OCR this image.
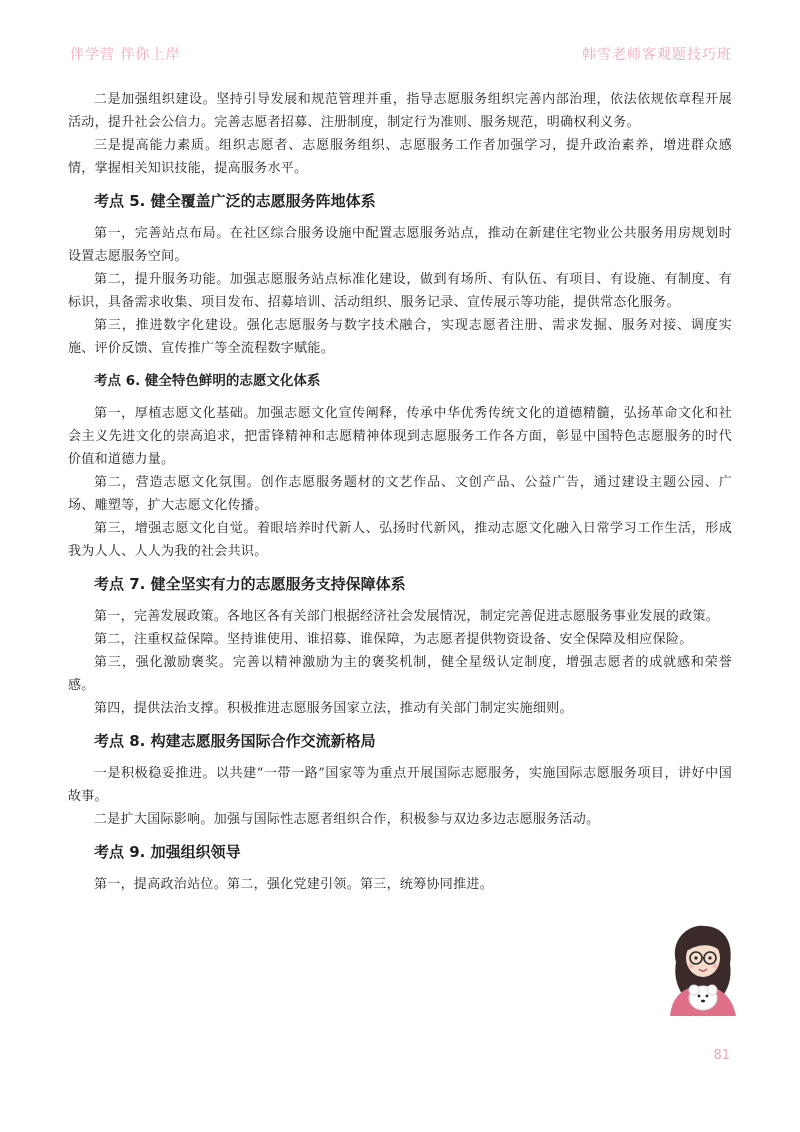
伴学营 伴你上岸	韩雪老师客观题技巧班

二是加强组织建设。坚持引导发展和规范管理并重，指导志愿服务组织完善内部治理，依法依规依章程开展活动，提升社会公信力。完善志愿者招募、注册制度，制定行为准则、服务规范，明确权利义务。

三是提高能力素质。组织志愿者、志愿服务组织、志愿服务工作者加强学习，提升政治素养，增进群众感情，掌握相关知识技能，提高服务水平。

考点 5. 健全覆盖广泛的志愿服务阵地体系

第一，完善站点布局。在社区综合服务设施中配置志愿服务站点，推动在新建住宅物业公共服务用房规划时设置志愿服务空间。

第二，提升服务功能。加强志愿服务站点标准化建设，做到有场所、有队伍、有项目、有设施、有制度、有标识，具备需求收集、项目发布、招募培训、活动组织、服务记录、宣传展示等功能，提供常态化服务。

第三，推进数字化建设。强化志愿服务与数字技术融合，实现志愿者注册、需求发掘、服务对接、调度实施、评价反馈、宣传推广等全流程数字赋能。

考点 6. 健全特色鲜明的志愿文化体系

第一，厚植志愿文化基础。加强志愿文化宣传阐释，传承中华优秀传统文化的道德精髓，弘扬革命文化和社会主义先进文化的崇高追求，把雷锋精神和志愿精神体现到志愿服务工作各方面，彰显中国特色志愿服务的时代价值和道德力量。

第二，营造志愿文化氛围。创作志愿服务题材的文艺作品、文创产品、公益广告，通过建设主题公园、广场、雕塑等，扩大志愿文化传播。

第三，增强志愿文化自觉。着眼培养时代新人、弘扬时代新风，推动志愿文化融入日常学习工作生活，形成我为人人、人人为我的社会共识。

考点 7. 健全坚实有力的志愿服务支持保障体系

第一，完善发展政策。各地区各有关部门根据经济社会发展情况，制定完善促进志愿服务事业发展的政策。

第二，注重权益保障。坚持谁使用、谁招募、谁保障，为志愿者提供物资设备、安全保障及相应保险。

第三，强化激励褒奖。完善以精神激励为主的褒奖机制，健全星级认定制度，增强志愿者的成就感和荣誉感。

第四，提供法治支撑。积极推进志愿服务国家立法，推动有关部门制定实施细则。

考点 8. 构建志愿服务国际合作交流新格局

一是积极稳妥推进。以共建“一带一路”国家等为重点开展国际志愿服务，实施国际志愿服务项目，讲好中国故事。

二是扩大国际影响。加强与国际性志愿者组织合作，积极参与双边多边志愿服务活动。

考点 9. 加强组织领导

第一，提高政治站位。第二，强化党建引领。第三，统筹协同推进。

81
